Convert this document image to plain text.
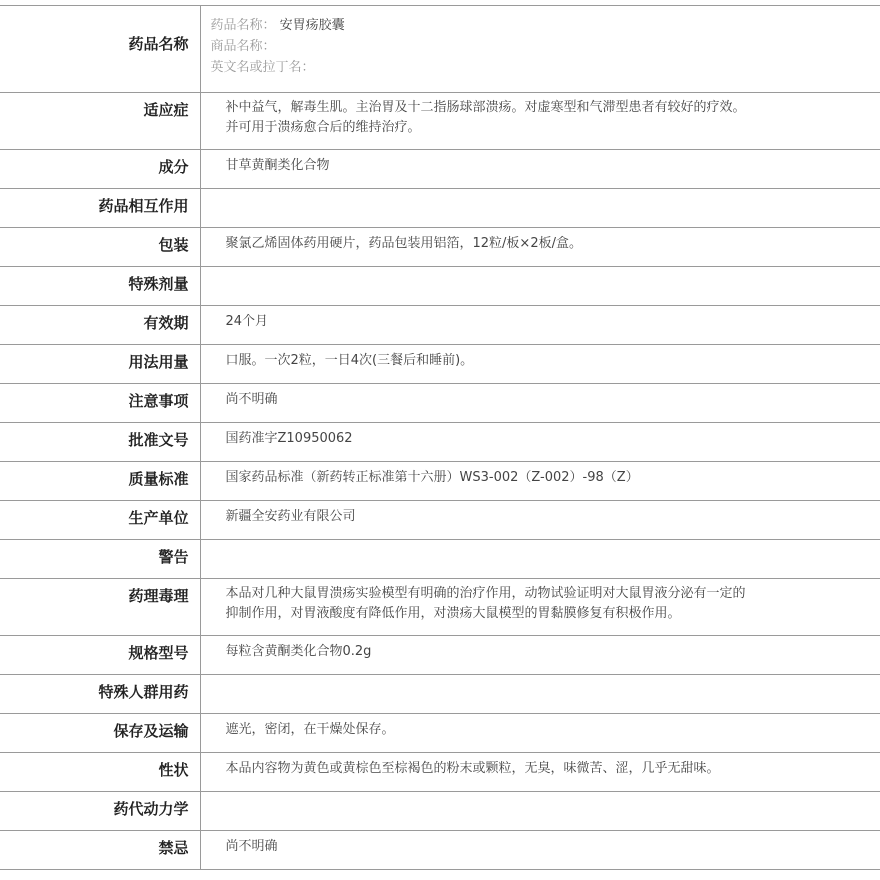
药品名称	药品名称： 安胃疡胶囊
商品名称：
英文名或拉丁名：

适应症	补中益气，解毒生肌。主治胃及十二指肠球部溃疡。对虚寒型和气滞型患者有较好的疗效。
并可用于溃疡愈合后的维持治疗。

成分	甘草黄酮类化合物

药品相互作用	

包装	聚氯乙烯固体药用硬片，药品包装用铝箔，12粒/板×2板/盒。

特殊剂量	

有效期	24个月

用法用量	口服。一次2粒，一日4次(三餐后和睡前)。

注意事项	尚不明确

批准文号	国药准字Z10950062

质量标准	国家药品标准（新药转正标准第十六册）WS3-002（Z-002）-98（Z）

生产单位	新疆全安药业有限公司

警告	

药理毒理	本品对几种大鼠胃溃疡实验模型有明确的治疗作用，动物试验证明对大鼠胃液分泌有一定的
抑制作用，对胃液酸度有降低作用，对溃疡大鼠模型的胃黏膜修复有积极作用。

规格型号	每粒含黄酮类化合物0.2g

特殊人群用药	

保存及运输	遮光，密闭，在干燥处保存。

性状	本品内容物为黄色或黄棕色至棕褐色的粉末或颗粒，无臭，味微苦、涩，几乎无甜味。

药代动力学	

禁忌	尚不明确
